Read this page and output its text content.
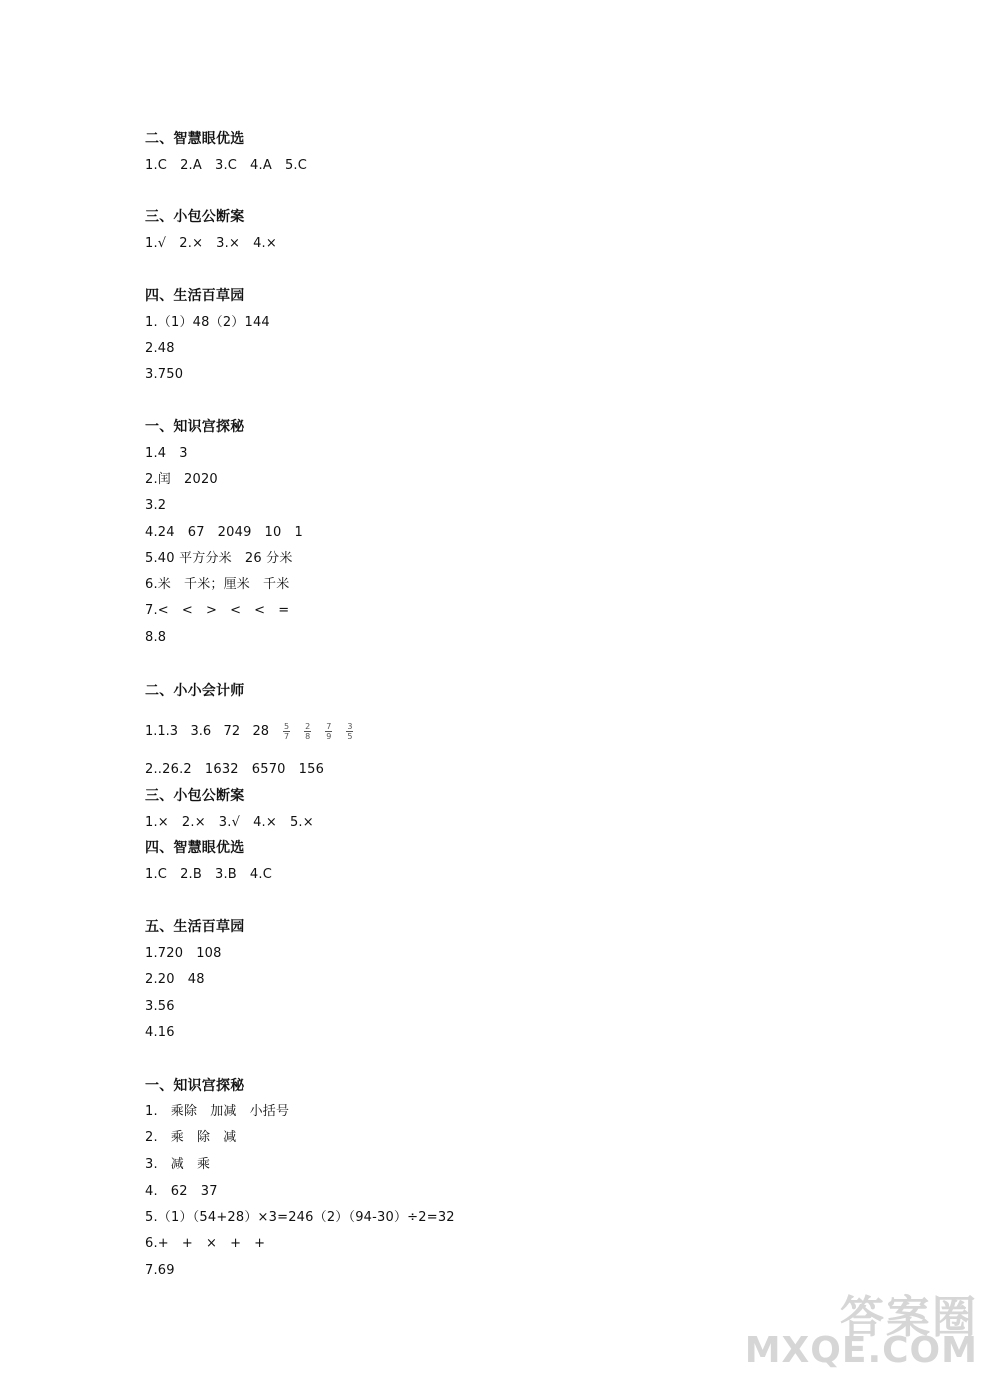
二、智慧眼优选
1.C   2.A   3.C   4.A   5.C
三、小包公断案
1.√   2.×   3.×   4.×
四、生活百草园
1.（1）48（2）144
2.48
3.750
一、知识宫探秘
1.4   3
2.闰   2020
3.2
4.24   67   2049   10   1
5.40 平方分米   26 分米
6.米   千米；厘米   千米
7.<   <   >   <   <   =
8.8
二、小小会计师
1.1.3   3.6   72   $28 \frac{5}{7} \frac{2}{8} \frac{7}{9} \frac{3}{5}$
2..26.2   1632   6570   156
三、小包公断案
1.×   2.×   3.√   4.×   5.×
四、智慧眼优选
1.C   2.B   3.B   4.C
五、生活百草园
1.720   108
2.20   48
3.56
4.16
一、知识宫探秘
1.   乘除   加减   小括号
2.   乘   除   减
3.   减   乘
4.   62   37
5.（1）（54+28）×3=246（2）（94-30）÷2=32
6.+   +   ×   +   +
7.69
答案圈
MXQE.COM
